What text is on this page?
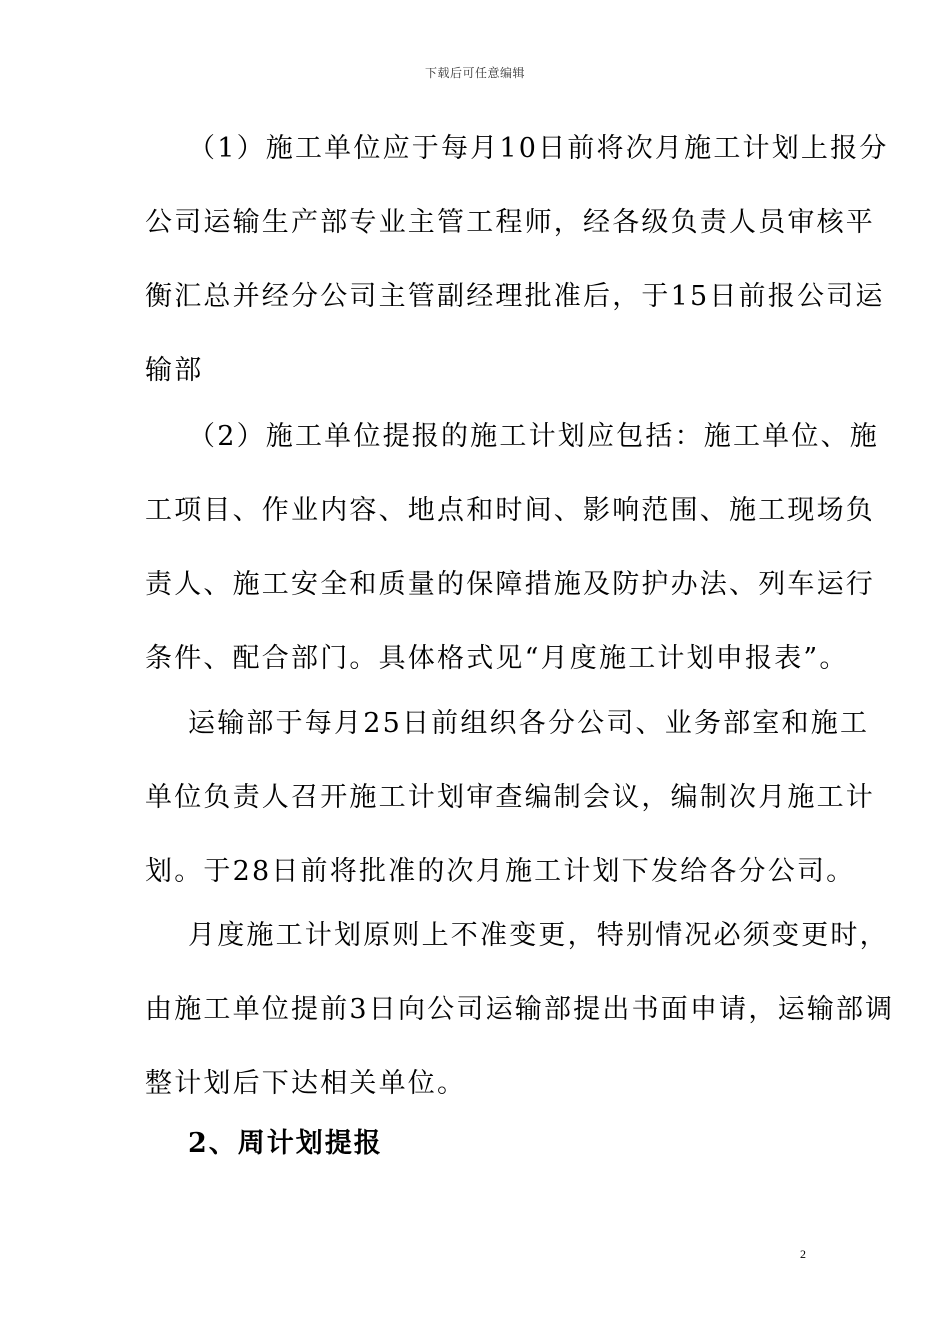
下载后可任意编辑
（1）施工单位应于每月10日前将次月施工计划上报分
公司运输生产部专业主管工程师，经各级负责人员审核平
衡汇总并经分公司主管副经理批准后，于15日前报公司运
输部
（2）施工单位提报的施工计划应包括：施工单位、施
工项目、作业内容、地点和时间、影响范围、施工现场负
责人、施工安全和质量的保障措施及防护办法、列车运行
条件、配合部门。具体格式见“月度施工计划申报表”。
运输部于每月25日前组织各分公司、业务部室和施工
单位负责人召开施工计划审查编制会议，编制次月施工计
划。于28日前将批准的次月施工计划下发给各分公司。
月度施工计划原则上不准变更，特别情况必须变更时，
由施工单位提前3日向公司运输部提出书面申请，运输部调
整计划后下达相关单位。
2、周计划提报
2
